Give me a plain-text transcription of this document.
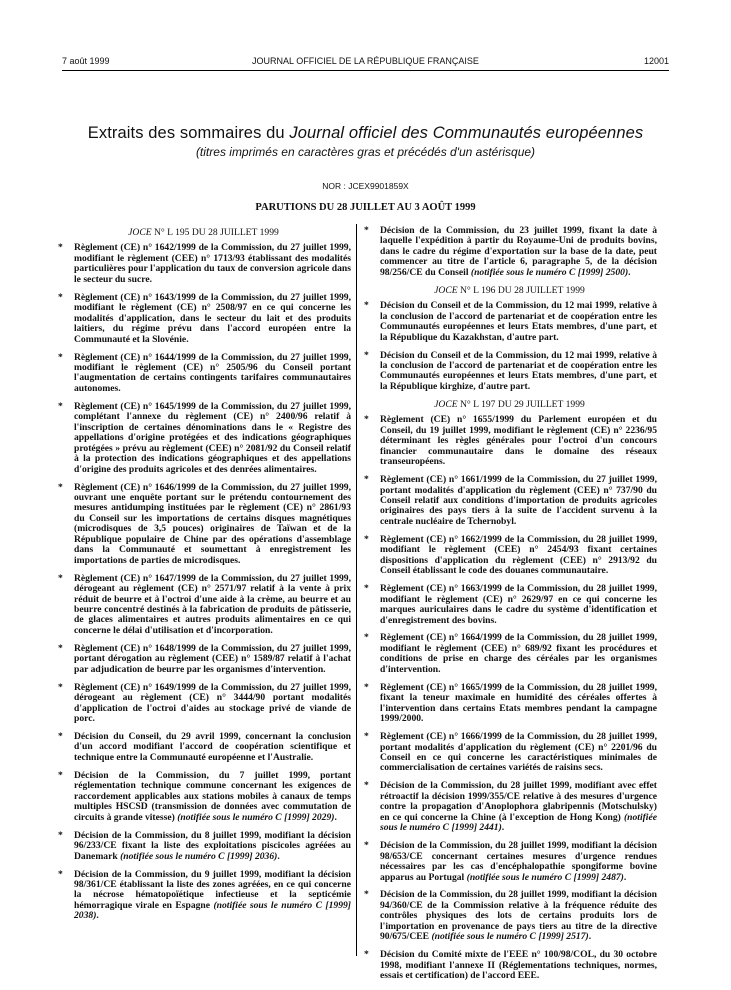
7 août 1999	JOURNAL OFFICIEL DE LA RÉPUBLIQUE FRANÇAISE	12001
Extraits des sommaires du Journal officiel des Communautés européennes
(titres imprimés en caractères gras et précédés d'un astérisque)
NOR : JCEX9901859X
PARUTIONS DU 28 JUILLET AU 3 AOÛT 1999
JOCE N° L 195 DU 28 JUILLET 1999
* Règlement (CE) n° 1642/1999 de la Commission, du 27 juillet 1999, modifiant le règlement (CEE) n° 1713/93 établissant des modalités particulières pour l'application du taux de conversion agricole dans le secteur du sucre.
* Règlement (CE) n° 1643/1999 de la Commission, du 27 juillet 1999, modifiant le règlement (CE) n° 2508/97 en ce qui concerne les modalités d'application, dans le secteur du lait et des produits laitiers, du régime prévu dans l'accord européen entre la Communauté et la Slovénie.
* Règlement (CE) n° 1644/1999 de la Commission, du 27 juillet 1999, modifiant le règlement (CE) n° 2505/96 du Conseil portant l'augmentation de certains contingents tarifaires communautaires autonomes.
* Règlement (CE) n° 1645/1999 de la Commission, du 27 juillet 1999, complétant l'annexe du règlement (CE) n° 2400/96 relatif à l'inscription de certaines dénominations dans le « Registre des appellations d'origine protégées et des indications géographiques protégées » prévu au règlement (CEE) n° 2081/92 du Conseil relatif à la protection des indications géographiques et des appellations d'origine des produits agricoles et des denrées alimentaires.
* Règlement (CE) n° 1646/1999 de la Commission, du 27 juillet 1999, ouvrant une enquête portant sur le prétendu contournement des mesures antidumping instituées par le règlement (CE) n° 2861/93 du Conseil sur les importations de certains disques magnétiques (microdisques de 3,5 pouces) originaires de Taïwan et de la République populaire de Chine par des opérations d'assemblage dans la Communauté et soumettant à enregistrement les importations de parties de microdisques.
* Règlement (CE) n° 1647/1999 de la Commission, du 27 juillet 1999, dérogeant au règlement (CE) n° 2571/97 relatif à la vente à prix réduit de beurre et à l'octroi d'une aide à la crème, au beurre et au beurre concentré destinés à la fabrication de produits de pâtisserie, de glaces alimentaires et autres produits alimentaires en ce qui concerne le délai d'utilisation et d'incorporation.
* Règlement (CE) n° 1648/1999 de la Commission, du 27 juillet 1999, portant dérogation au règlement (CEE) n° 1589/87 relatif à l'achat par adjudication de beurre par les organismes d'intervention.
* Règlement (CE) n° 1649/1999 de la Commission, du 27 juillet 1999, dérogeant au règlement (CE) n° 3444/90 portant modalités d'application de l'octroi d'aides au stockage privé de viande de porc.
* Décision du Conseil, du 29 avril 1999, concernant la conclusion d'un accord modifiant l'accord de coopération scientifique et technique entre la Communauté européenne et l'Australie.
* Décision de la Commission, du 7 juillet 1999, portant réglementation technique commune concernant les exigences de raccordement applicables aux stations mobiles à canaux de temps multiples HSCSD (transmission de données avec commutation de circuits à grande vitesse) (notifiée sous le numéro C [1999] 2029).
* Décision de la Commission, du 8 juillet 1999, modifiant la décision 96/233/CE fixant la liste des exploitations piscicoles agréées au Danemark (notifiée sous le numéro C [1999] 2036).
* Décision de la Commission, du 9 juillet 1999, modifiant la décision 98/361/CE établissant la liste des zones agréées, en ce qui concerne la nécrose hématopoïétique infectieuse et la septicémie hémorragique virale en Espagne (notifiée sous le numéro C [1999] 2038).
* Décision de la Commission, du 23 juillet 1999, fixant la date à laquelle l'expédition à partir du Royaume-Uni de produits bovins, dans le cadre du régime d'exportation sur la base de la date, peut commencer au titre de l'article 6, paragraphe 5, de la décision 98/256/CE du Conseil (notifiée sous le numéro C [1999] 2500).
JOCE N° L 196 DU 28 JUILLET 1999
* Décision du Conseil et de la Commission, du 12 mai 1999, relative à la conclusion de l'accord de partenariat et de coopération entre les Communautés européennes et leurs Etats membres, d'une part, et la République du Kazakhstan, d'autre part.
* Décision du Conseil et de la Commission, du 12 mai 1999, relative à la conclusion de l'accord de partenariat et de coopération entre les Communautés européennes et leurs Etats membres, d'une part, et la République kirghize, d'autre part.
JOCE N° L 197 DU 29 JUILLET 1999
* Règlement (CE) n° 1655/1999 du Parlement européen et du Conseil, du 19 juillet 1999, modifiant le règlement (CE) n° 2236/95 déterminant les règles générales pour l'octroi d'un concours financier communautaire dans le domaine des réseaux transeuropéens.
* Règlement (CE) n° 1661/1999 de la Commission, du 27 juillet 1999, portant modalités d'application du règlement (CEE) n° 737/90 du Conseil relatif aux conditions d'importation de produits agricoles originaires des pays tiers à la suite de l'accident survenu à la centrale nucléaire de Tchernobyl.
* Règlement (CE) n° 1662/1999 de la Commission, du 28 juillet 1999, modifiant le règlement (CEE) n° 2454/93 fixant certaines dispositions d'application du règlement (CEE) n° 2913/92 du Conseil établissant le code des douanes communautaire.
* Règlement (CE) n° 1663/1999 de la Commission, du 28 juillet 1999, modifiant le règlement (CE) n° 2629/97 en ce qui concerne les marques auriculaires dans le cadre du système d'identification et d'enregistrement des bovins.
* Règlement (CE) n° 1664/1999 de la Commission, du 28 juillet 1999, modifiant le règlement (CEE) n° 689/92 fixant les procédures et conditions de prise en charge des céréales par les organismes d'intervention.
* Règlement (CE) n° 1665/1999 de la Commission, du 28 juillet 1999, fixant la teneur maximale en humidité des céréales offertes à l'intervention dans certains Etats membres pendant la campagne 1999/2000.
* Règlement (CE) n° 1666/1999 de la Commission, du 28 juillet 1999, portant modalités d'application du règlement (CE) n° 2201/96 du Conseil en ce qui concerne les caractéristiques minimales de commercialisation de certaines variétés de raisins secs.
* Décision de la Commission, du 28 juillet 1999, modifiant avec effet rétroactif la décision 1999/355/CE relative à des mesures d'urgence contre la propagation d'Anoplophora glabripennis (Motschulsky) en ce qui concerne la Chine (à l'exception de Hong Kong) (notifiée sous le numéro C [1999] 2441).
* Décision de la Commission, du 28 juillet 1999, modifiant la décision 98/653/CE concernant certaines mesures d'urgence rendues nécessaires par les cas d'encéphalopathie spongiforme bovine apparus au Portugal (notifiée sous le numéro C [1999] 2487).
* Décision de la Commission, du 28 juillet 1999, modifiant la décision 94/360/CE de la Commission relative à la fréquence réduite des contrôles physiques des lots de certains produits lors de l'importation en provenance de pays tiers au titre de la directive 90/675/CEE (notifiée sous le numéro C [1999] 2517).
* Décision du Comité mixte de l'EEE n° 100/98/COL, du 30 octobre 1998, modifiant l'annexe II (Réglementations techniques, normes, essais et certification) de l'accord EEE.
